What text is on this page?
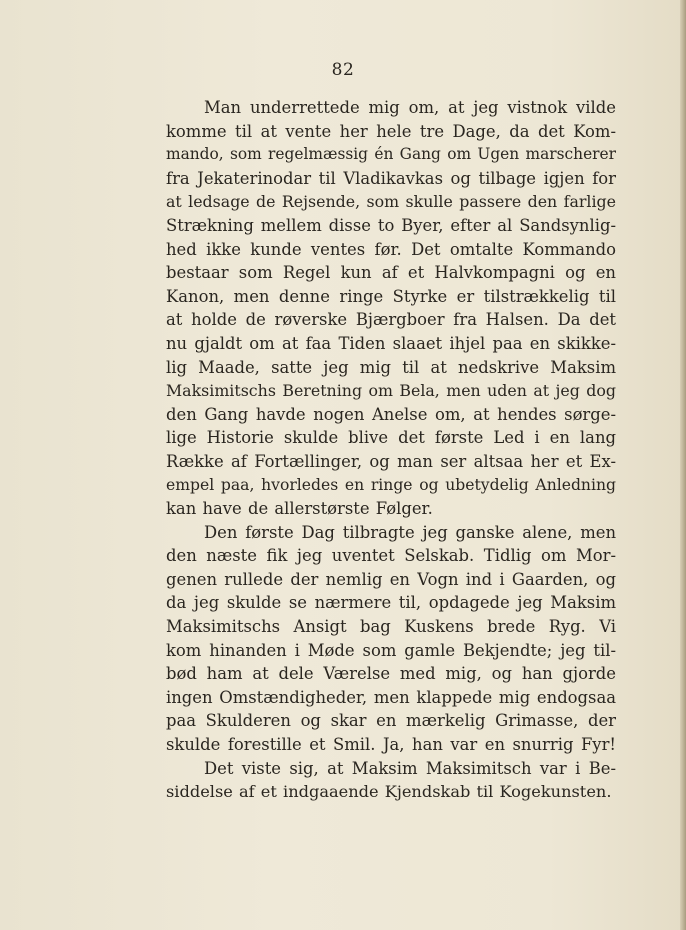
82
Man underrettede mig om, at jeg vistnok vilde
komme til at vente her hele tre Dage, da det Kom-
mando, som regelmæssig én Gang om Ugen marscherer
fra Jekaterinodar til Vladikavkas og tilbage igjen for
at ledsage de Rejsende, som skulle passere den farlige
Strækning mellem disse to Byer, efter al Sandsynlig-
hed ikke kunde ventes før. Det omtalte Kommando
bestaar som Regel kun af et Halvkompagni og en
Kanon, men denne ringe Styrke er tilstrækkelig til
at holde de røverske Bjærgboer fra Halsen. Da det
nu gjaldt om at faa Tiden slaaet ihjel paa en skikke-
lig Maade, satte jeg mig til at nedskrive Maksim
Maksimitschs Beretning om Bela, men uden at jeg dog
den Gang havde nogen Anelse om, at hendes sørge-
lige Historie skulde blive det første Led i en lang
Række af Fortællinger, og man ser altsaa her et Ex-
empel paa, hvorledes en ringe og ubetydelig Anledning
kan have de allerstørste Følger.
Den første Dag tilbragte jeg ganske alene, men
den næste fik jeg uventet Selskab. Tidlig om Mor-
genen rullede der nemlig en Vogn ind i Gaarden, og
da jeg skulde se nærmere til, opdagede jeg Maksim
Maksimitschs Ansigt bag Kuskens brede Ryg. Vi
kom hinanden i Møde som gamle Bekjendte; jeg til-
bød ham at dele Værelse med mig, og han gjorde
ingen Omstændigheder, men klappede mig endogsaa
paa Skulderen og skar en mærkelig Grimasse, der
skulde forestille et Smil. Ja, han var en snurrig Fyr!
Det viste sig, at Maksim Maksimitsch var i Be-
siddelse af et indgaaende Kjendskab til Kogekunsten.
